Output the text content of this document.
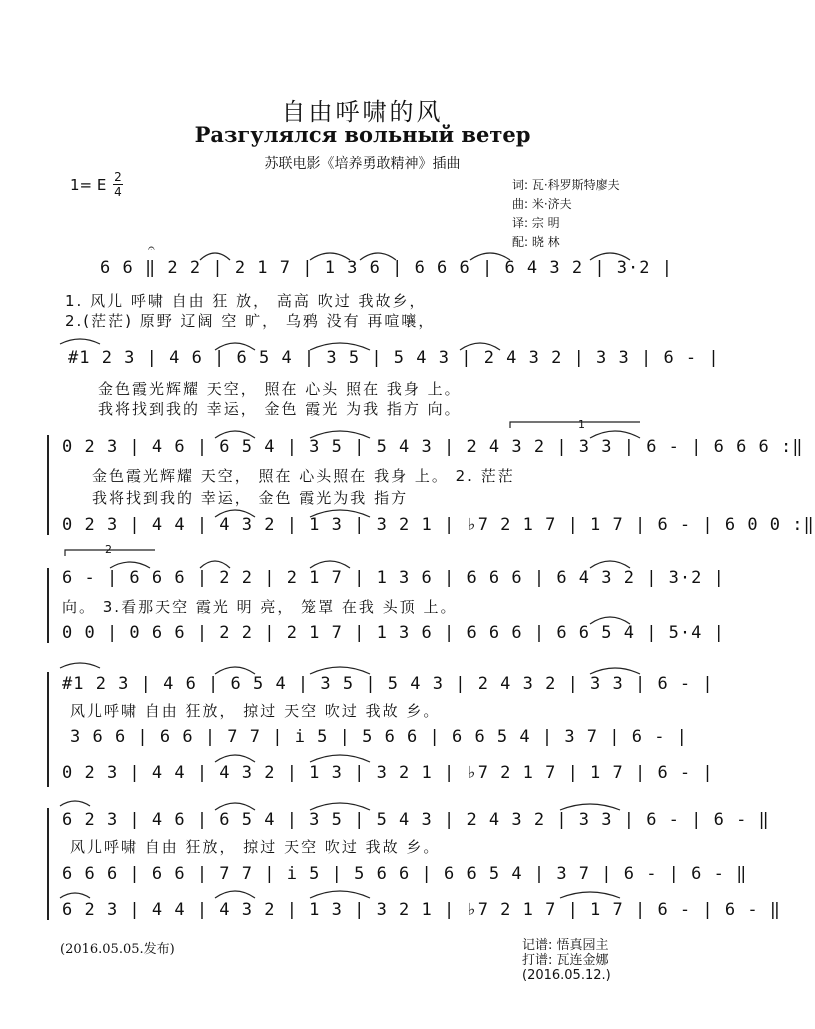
自由呼啸的风
Разгулялся вольный ветер
苏联电影《培养勇敢精神》插曲
1= E 2
4	词: 瓦·科罗斯特廖夫
曲: 米·济夫
译: 宗 明
配: 晓 林
6 6 ‖ 2 2 | 2 1 7 | 1 3 6 | 6 6 6 | 6 4 3 2 | 3·2 |
1. 风儿 呼啸 自由 狂 放， 高高 吹过 我故乡，
2.(茫茫) 原野 辽阔 空 旷， 乌鸦 没有 再喧嚷，
#1 2 3 | 4 6 | 6 5 4 | 3 5 | 5 4 3 | 2 4 3 2 | 3 3 | 6 - |
金色霞光辉耀 天空， 照在 心头 照在 我身 上。
我将找到我的 幸运， 金色 霞光 为我 指方 向。
1
0 2 3 | 4 6 | 6 5 4 | 3 5 | 5 4 3 | 2 4 3 2 | 3 3 | 6 - | 6 6 6 :‖
金色霞光辉耀 天空， 照在 心头照在 我身 上。 2. 茫茫
我将找到我的 幸运， 金色 霞光为我 指方
0 2 3 | 4 4 | 4 3 2 | 1 3 | 3 2 1 | ♭7 2 1 7 | 1 7 | 6 - | 6 0 0 :‖
2
6 - | 6 6 6 | 2 2 | 2 1 7 | 1 3 6 | 6 6 6 | 6 4 3 2 | 3·2 |
向。 3.看那天空 霞光 明 亮， 笼罩 在我 头顶 上。
0 0 | 0 6 6 | 2 2 | 2 1 7 | 1 3 6 | 6 6 6 | 6 6 5 4 | 5·4 |
#1 2 3 | 4 6 | 6 5 4 | 3 5 | 5 4 3 | 2 4 3 2 | 3 3 | 6 - |
风儿呼啸 自由 狂放， 掠过 天空 吹过 我故 乡。
3 6 6 | 6 6 | 7 7 | i 5 | 5 6 6 | 6 6 5 4 | 3 7 | 6 - |
0 2 3 | 4 4 | 4 3 2 | 1 3 | 3 2 1 | ♭7 2 1 7 | 1 7 | 6 - |
6 2 3 | 4 6 | 6 5 4 | 3 5 | 5 4 3 | 2 4 3 2 | 3 3 | 6 - | 6 - ‖
风儿呼啸 自由 狂放， 掠过 天空 吹过 我故 乡。
6 6 6 | 6 6 | 7 7 | i 5 | 5 6 6 | 6 6 5 4 | 3 7 | 6 - | 6 - ‖
6 2 3 | 4 4 | 4 3 2 | 1 3 | 3 2 1 | ♭7 2 1 7 | 1 7 | 6 - | 6 - ‖
𝄐
(2016.05.05.发布)	记谱: 悟真园主
打谱: 瓦连金娜
(2016.05.12.)
